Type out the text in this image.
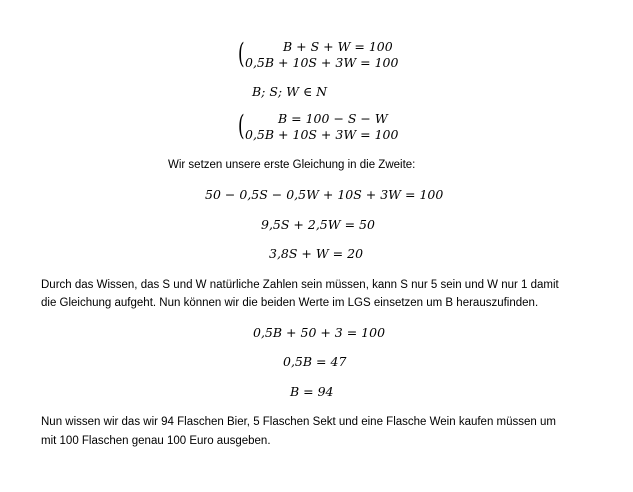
(	B + S + W = 100
0,5B + 10S + 3W = 100
B; S; W ∈ N
(	B = 100 − S − W
0,5B + 10S + 3W = 100
Wir setzen unsere erste Gleichung in die Zweite:
50 − 0,5S − 0,5W + 10S + 3W = 100
9,5S + 2,5W = 50
3,8S + W = 20
Durch das Wissen, das S und W natürliche Zahlen sein müssen, kann S nur 5 sein und W nur 1 damit
die Gleichung aufgeht. Nun können wir die beiden Werte im LGS einsetzen um B herauszufinden.
0,5B + 50 + 3 = 100
0,5B = 47
B = 94
Nun wissen wir das wir 94 Flaschen Bier, 5 Flaschen Sekt und eine Flasche Wein kaufen müssen um
mit 100 Flaschen genau 100 Euro ausgeben.
